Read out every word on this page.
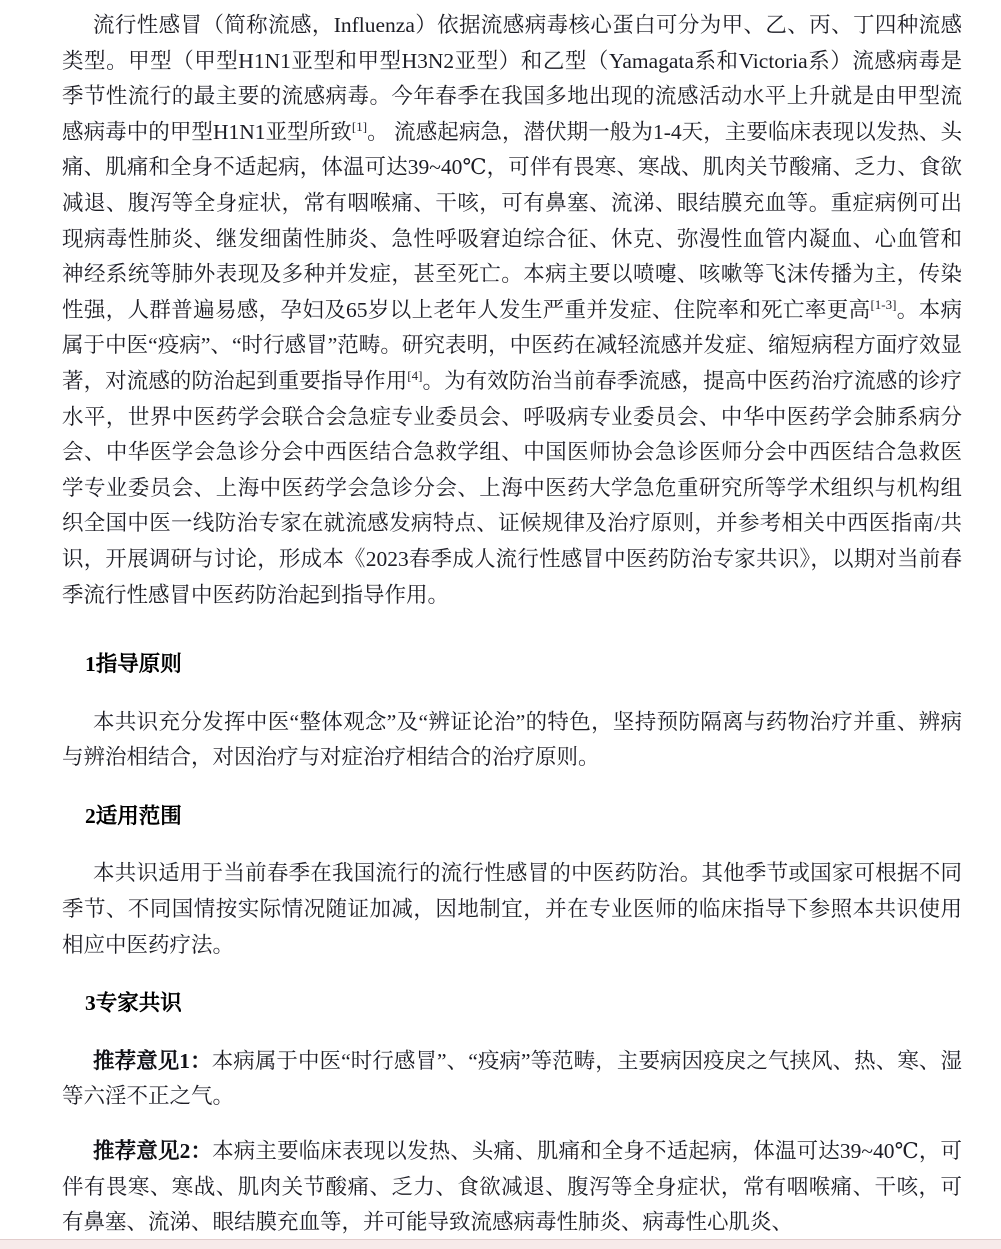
流行性感冒（简称流感，Influenza）依据流感病毒核心蛋白可分为甲、乙、丙、丁四种流感类型。甲型（甲型H1N1亚型和甲型H3N2亚型）和乙型（Yamagata系和Victoria系）流感病毒是季节性流行的最主要的流感病毒。今年春季在我国多地出现的流感活动水平上升就是由甲型流感病毒中的甲型H1N1亚型所致[1]。 流感起病急，潜伏期一般为1-4天，主要临床表现以发热、头痛、肌痛和全身不适起病，体温可达39~40℃，可伴有畏寒、寒战、肌肉关节酸痛、乏力、食欲减退、腹泻等全身症状，常有咽喉痛、干咳，可有鼻塞、流涕、眼结膜充血等。重症病例可出现病毒性肺炎、继发细菌性肺炎、急性呼吸窘迫综合征、休克、弥漫性血管内凝血、心血管和神经系统等肺外表现及多种并发症，甚至死亡。本病主要以喷嚏、咳嗽等飞沫传播为主，传染性强，人群普遍易感，孕妇及65岁以上老年人发生严重并发症、住院率和死亡率更高[1-3]。本病属于中医“疫病”、“时行感冒”范畴。研究表明，中医药在减轻流感并发症、缩短病程方面疗效显著，对流感的防治起到重要指导作用[4]。为有效防治当前春季流感，提高中医药治疗流感的诊疗水平，世界中医药学会联合会急症专业委员会、呼吸病专业委员会、中华中医药学会肺系病分会、中华医学会急诊分会中西医结合急救学组、中国医师协会急诊医师分会中西医结合急救医学专业委员会、上海中医药学会急诊分会、上海中医药大学急危重研究所等学术组织与机构组织全国中医一线防治专家在就流感发病特点、证候规律及治疗原则，并参考相关中西医指南/共识，开展调研与讨论，形成本《2023春季成人流行性感冒中医药防治专家共识》，以期对当前春季流行性感冒中医药防治起到指导作用。

1指导原则

本共识充分发挥中医“整体观念”及“辨证论治”的特色，坚持预防隔离与药物治疗并重、辨病与辨治相结合，对因治疗与对症治疗相结合的治疗原则。

2适用范围

本共识适用于当前春季在我国流行的流行性感冒的中医药防治。其他季节或国家可根据不同季节、不同国情按实际情况随证加减，因地制宜，并在专业医师的临床指导下参照本共识使用相应中医药疗法。

3专家共识

推荐意见1：本病属于中医“时行感冒”、“疫病”等范畴，主要病因疫戾之气挟风、热、寒、湿等六淫不正之气。

推荐意见2：本病主要临床表现以发热、头痛、肌痛和全身不适起病，体温可达39~40℃，可伴有畏寒、寒战、肌肉关节酸痛、乏力、食欲减退、腹泻等全身症状，常有咽喉痛、干咳，可有鼻塞、流涕、眼结膜充血等，并可能导致流感病毒性肺炎、病毒性心肌炎、
